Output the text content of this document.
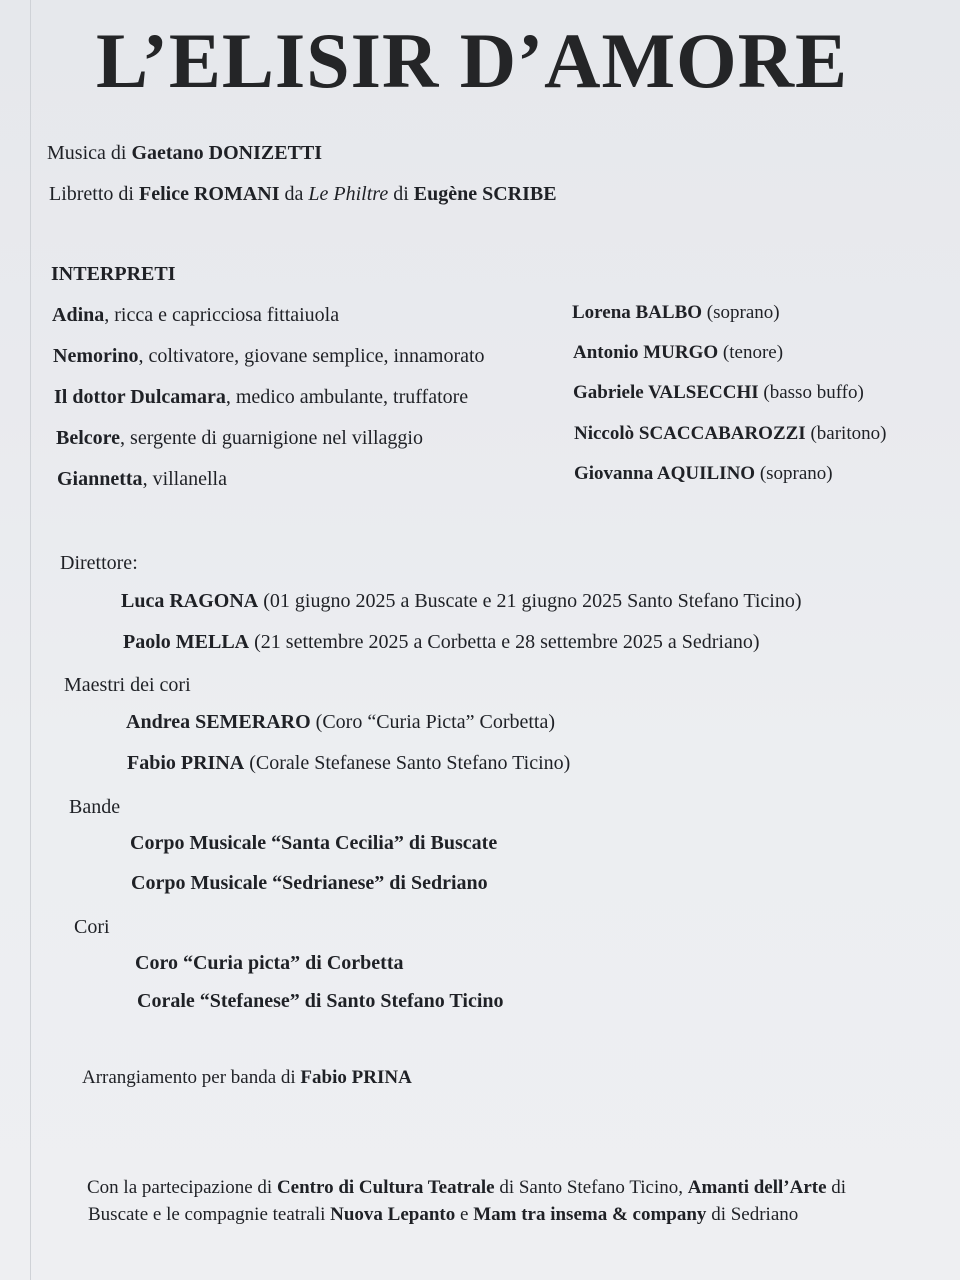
L’ELISIR D’AMORE
Musica di Gaetano DONIZETTI
Libretto di Felice ROMANI da Le Philtre di Eugène SCRIBE
INTERPRETI
Adina, ricca e capricciosa fittaiuola	Lorena BALBO (soprano)
Nemorino, coltivatore, giovane semplice, innamorato	Antonio MURGO (tenore)
Il dottor Dulcamara, medico ambulante, truffatore	Gabriele VALSECCHI (basso buffo)
Belcore, sergente di guarnigione nel villaggio	Niccolò SCACCABAROZZI (baritono)
Giannetta, villanella	Giovanna AQUILINO (soprano)
Direttore:
Luca RAGONA (01 giugno 2025 a Buscate e 21 giugno 2025 Santo Stefano Ticino)
Paolo MELLA (21 settembre 2025 a Corbetta e 28 settembre 2025 a Sedriano)
Maestri dei cori
Andrea SEMERARO (Coro “Curia Picta” Corbetta)
Fabio PRINA (Corale Stefanese Santo Stefano Ticino)
Bande
Corpo Musicale “Santa Cecilia” di Buscate
Corpo Musicale “Sedrianese” di Sedriano
Cori
Coro “Curia picta” di Corbetta
Corale “Stefanese” di Santo Stefano Ticino
Arrangiamento per banda di Fabio PRINA
Con la partecipazione di Centro di Cultura Teatrale di Santo Stefano Ticino, Amanti dell’Arte di
Buscate e le compagnie teatrali Nuova Lepanto e Mam tra insema & company di Sedriano
